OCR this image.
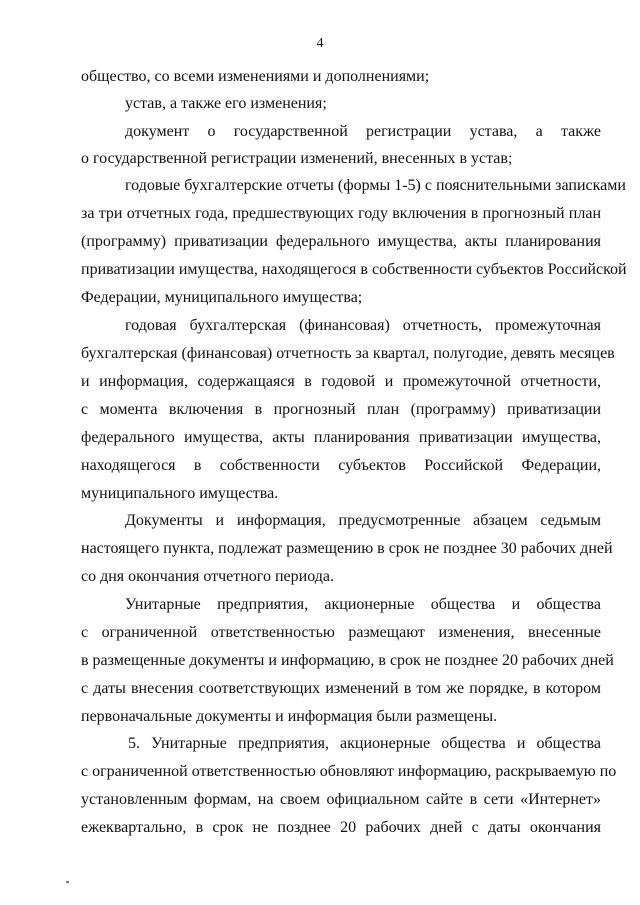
4
общество, со всеми изменениями и дополнениями;
устав, а также его изменения;
документ о государственной регистрации устава, а также
о государственной регистрации изменений, внесенных в устав;
годовые бухгалтерские отчеты (формы 1-5) с пояснительными записками
за три отчетных года, предшествующих году включения в прогнозный план
(программу) приватизации федерального имущества, акты планирования
приватизации имущества, находящегося в собственности субъектов Российской
Федерации, муниципального имущества;
годовая бухгалтерская (финансовая) отчетность, промежуточная
бухгалтерская (финансовая) отчетность за квартал, полугодие, девять месяцев
и информация, содержащаяся в годовой и промежуточной отчетности,
с момента включения в прогнозный план (программу) приватизации
федерального имущества, акты планирования приватизации имущества,
находящегося в собственности субъектов Российской Федерации,
муниципального имущества.
Документы и информация, предусмотренные абзацем седьмым
настоящего пункта, подлежат размещению в срок не позднее 30 рабочих дней
со дня окончания отчетного периода.
Унитарные предприятия, акционерные общества и общества
с ограниченной ответственностью размещают изменения, внесенные
в размещенные документы и информацию, в срок не позднее 20 рабочих дней
с даты внесения соответствующих изменений в том же порядке, в котором
первоначальные документы и информация были размещены.
5. Унитарные предприятия, акционерные общества и общества
с ограниченной ответственностью обновляют информацию, раскрываемую по
установленным формам, на своем официальном сайте в сети «Интернет»
ежеквартально, в срок не позднее 20 рабочих дней с даты окончания
